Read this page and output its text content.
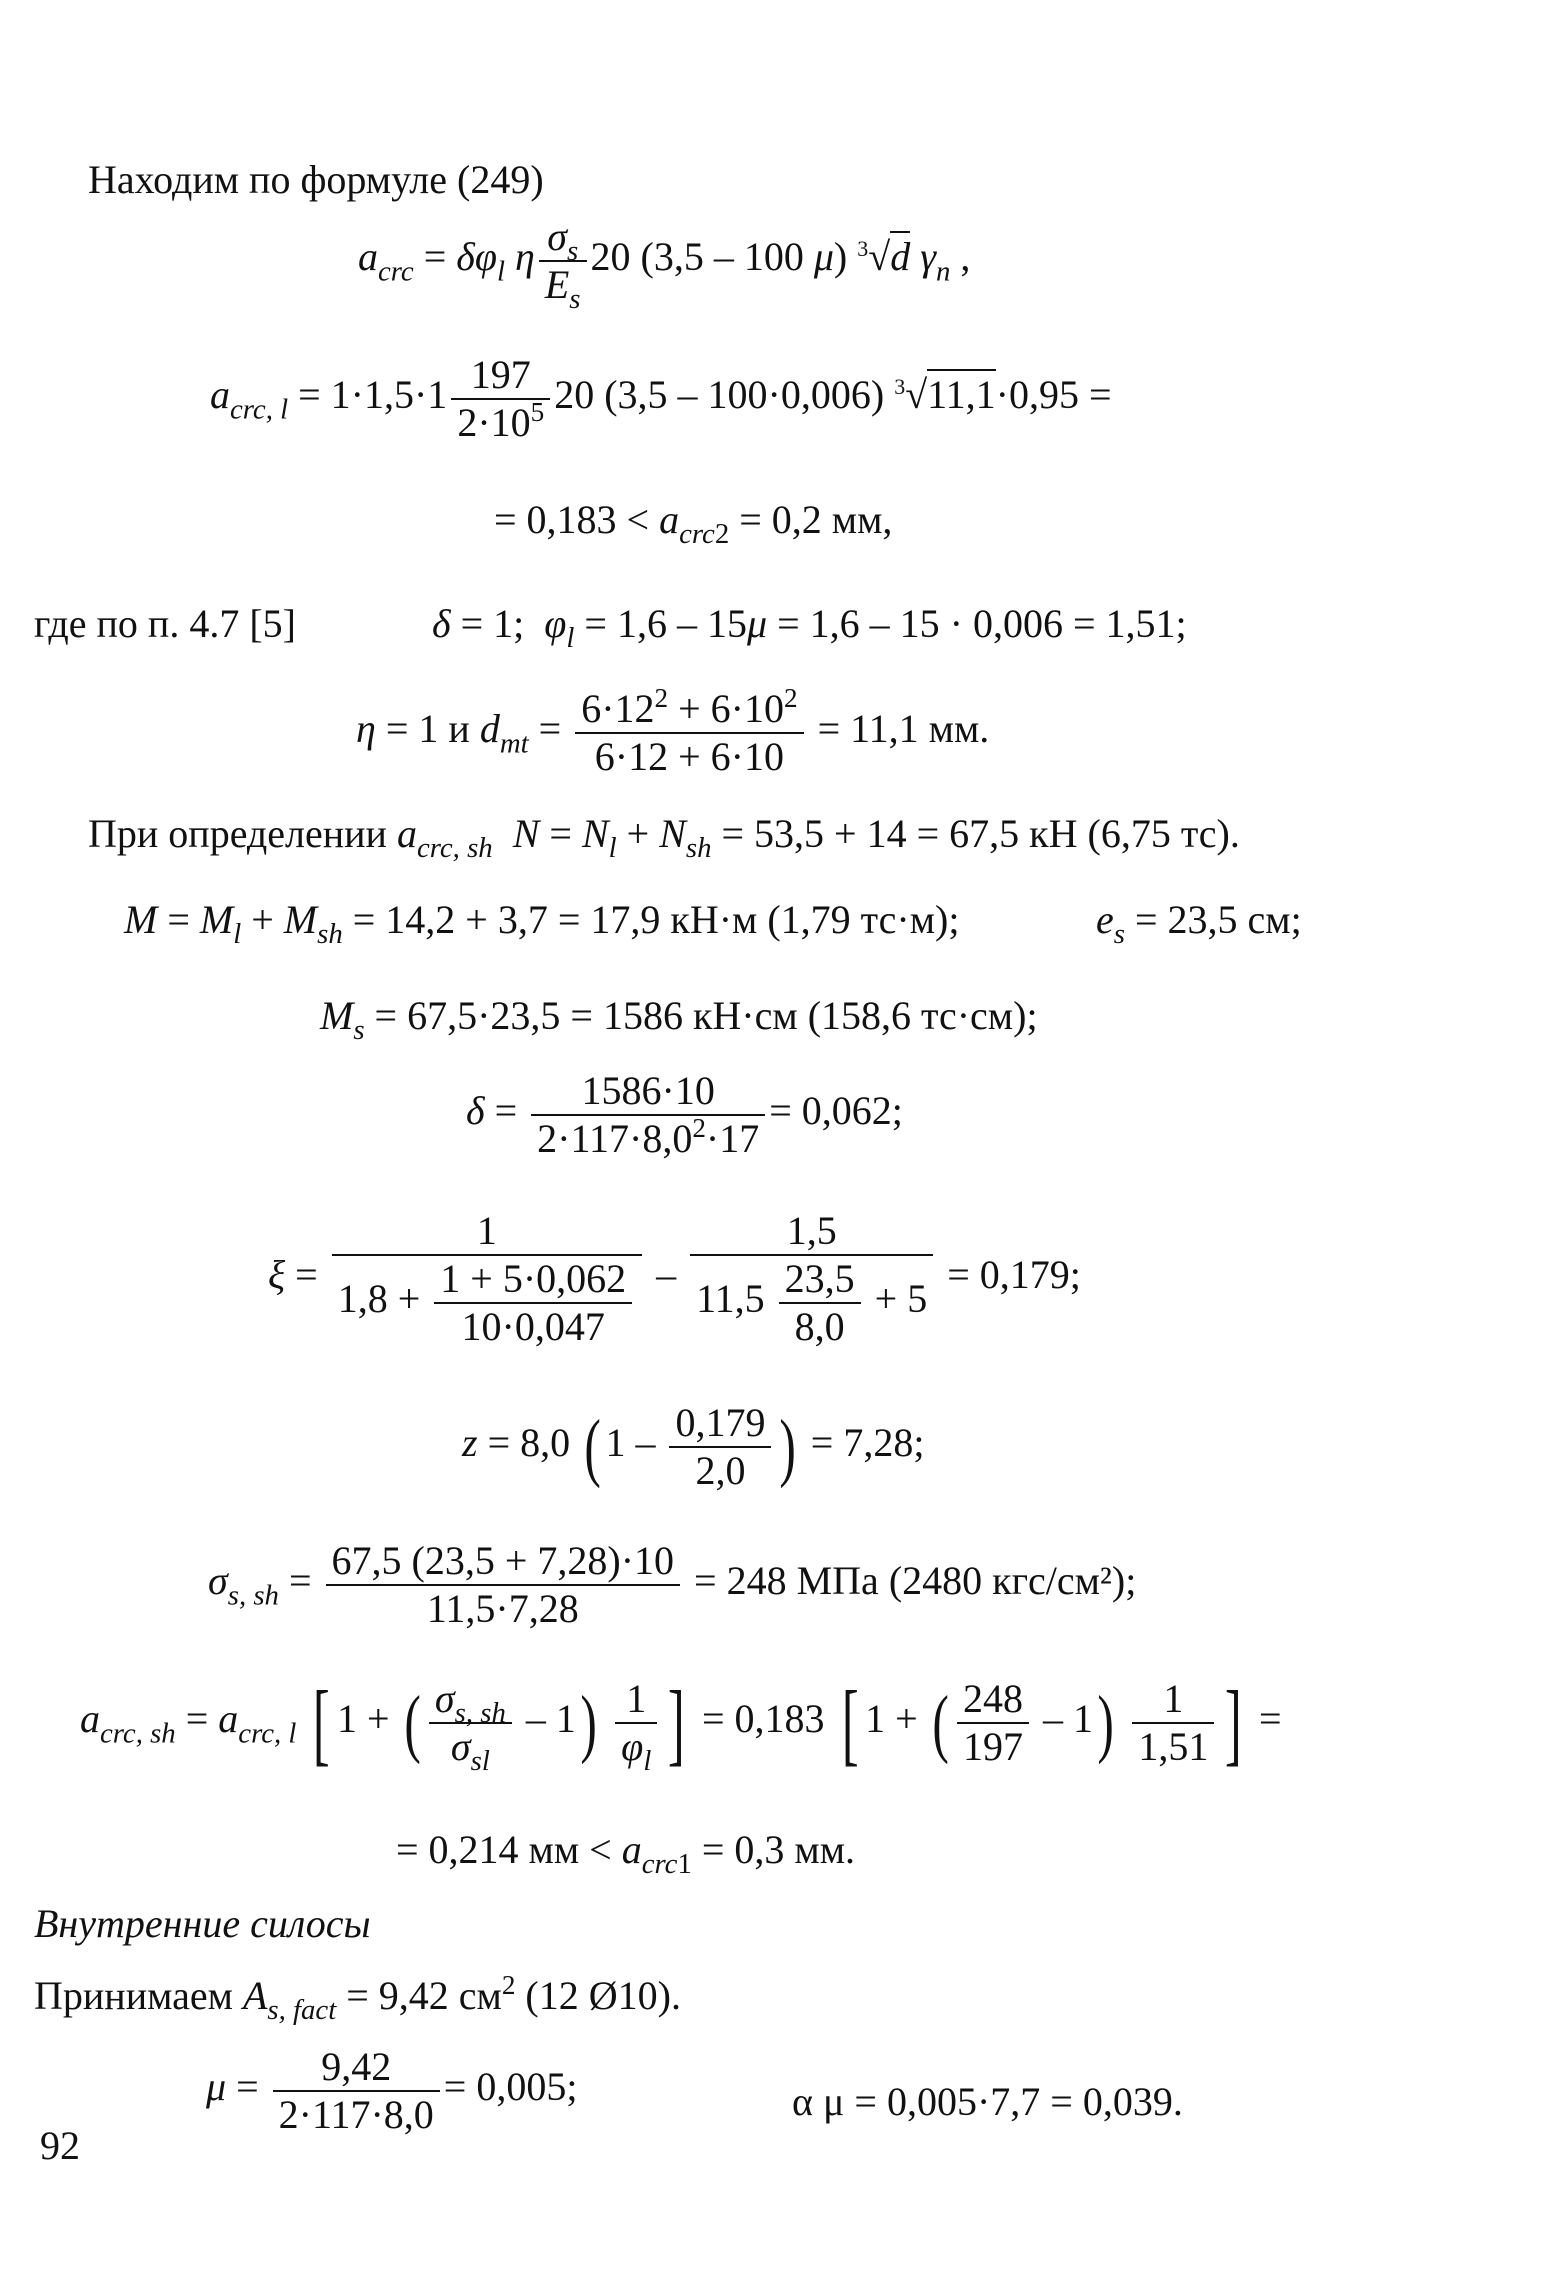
Находим по формуле (249)
$a_{crc} = \delta\varphi_l$ η $\frac{\sigma_s}{E_s} 20$ (3,5 – 100 μ) $^3$√d $\gamma_n$ ,
$a_{crc, l} = 1\cdot 1,5\cdot 1 \frac{197}{2\cdot 10^5} 20$ (3,5 – 100·0,006) $^3$√11,1·0,95 =
= $0,183 < a_{crc2} = 0,2$ мм,
где по п. 4.7 [5]	δ = 1;  $\varphi_l = 1,6 - 15\mu = 1,6 - 15 \cdot 0,006 = 1,51$;
η = 1 и $d_{mt} = \frac{6\cdot 12^2 + 6\cdot 10^2}{6\cdot 12 + 6\cdot 10} = 11,1$ мм.
При определении $a_{crc, sh}$ $N = N_l + N_{sh} = 53,5 + 14 = 67,5$ кН (6,75 тс).
$M = M_l + M_{sh} = 14,2 + 3,7 = 17,9$ кН·м (1,79 тс·м);	$e_s = 23,5$ см;
$M_s = 67,5\cdot 23,5 = 1586$ кН·см (158,6 тс·см);
$\delta = \frac{1586\cdot 10}{2\cdot 117\cdot 8,0^2\cdot 17} = 0,062$;
$\xi = \frac{1}{1,8 + \frac{1 + 5\cdot 0,062}{10\cdot 0,047}} - \frac{1,5}{11,5 \frac{23,5}{8,0} + 5} = 0,179$;
z = 8,0 ( $1 - \frac{0,179}{2,0}$ ) = 7,28;
$\sigma_{s, sh} = \frac{67,5 (23,5 + 7,28)\cdot 10}{11,5\cdot 7,28} = 248$ МПа (2480 кгс/см²);
$a_{crc, sh} = a_{crc, l}$ [ 1 + ( $\frac{\sigma_{s, sh}}{\sigma_{sl}} - 1) \frac{1}{\varphi_l}$ ] = 0,183 [ 1 + ( $\frac{248}{197} - 1) \frac{1}{1,51}$ ] =
= 0,214 мм < $a_{crc1} = 0,3$ мм.
Внутренние силосы
Принимаем $A_{s, fact} = 9,42$ $см^2$ (12 Ø10).
$\mu = \frac{9,42}{2\cdot 117\cdot 8,0} = 0,005$;	α μ = 0,005·7,7 = 0,039.
92
